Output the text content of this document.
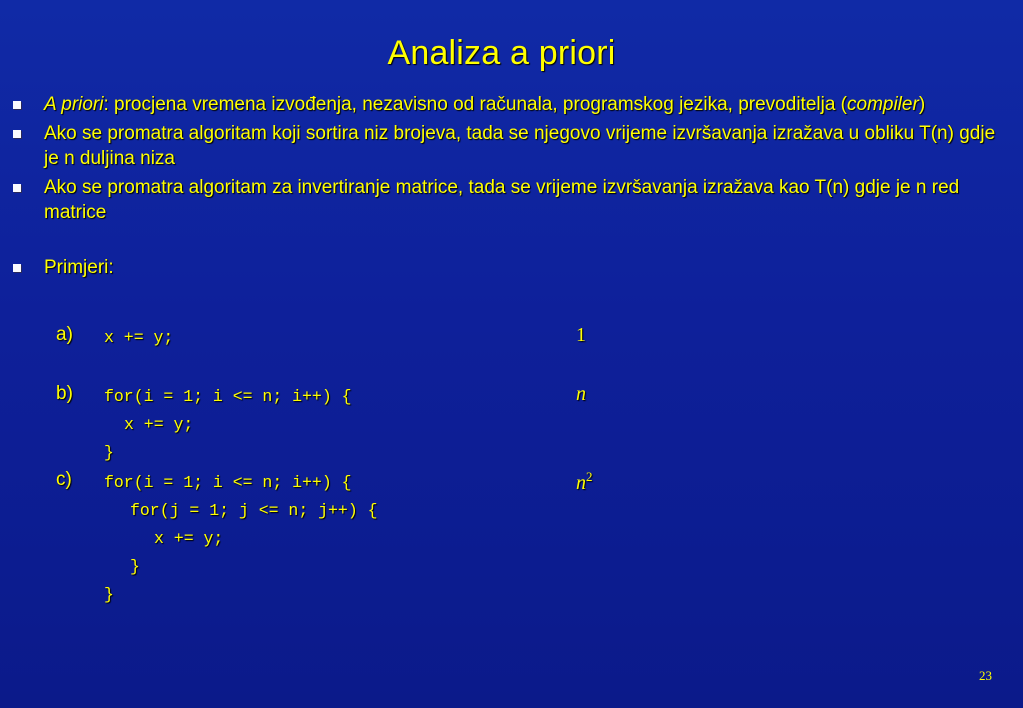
Analiza a priori
A priori: procjena vremena izvođenja, nezavisno od računala, programskog jezika, prevoditelja (compiler)
Ako se promatra algoritam koji sortira niz brojeva, tada se njegovo vrijeme izvršavanja izražava u obliku T(n) gdje je n duljina niza
Ako se promatra algoritam za invertiranje matrice, tada se vrijeme izvršavanja izražava kao T(n) gdje je n red matrice
Primjeri:
a) x += y;	1
b) for(i = 1; i <= n; i++) {
x += y;
}
n
c) for(i = 1; i <= n; i++) {
for(j = 1; j <= n; j++) {
x += y;
}
}
$n^2$
23
